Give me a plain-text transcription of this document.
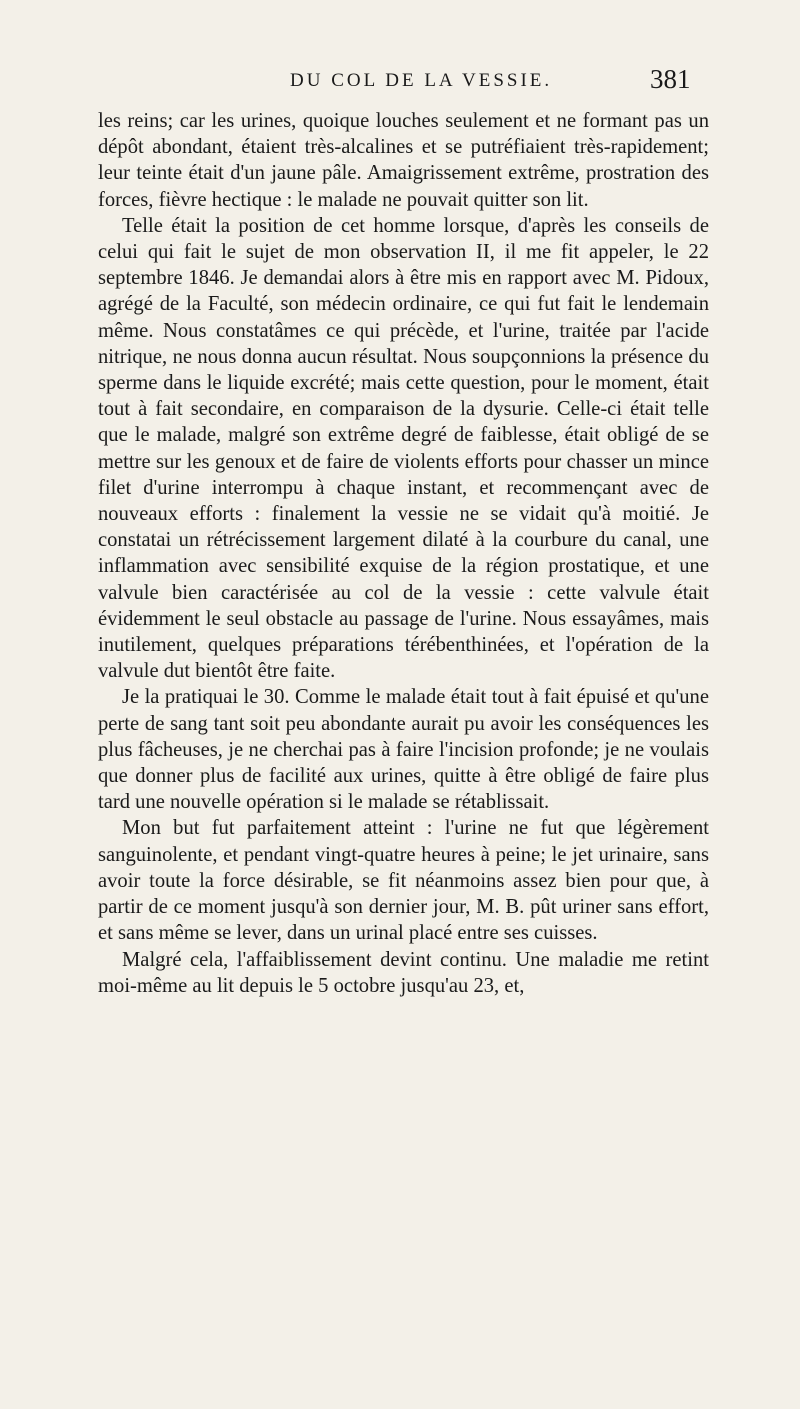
DU COL DE LA VESSIE.	381

les reins; car les urines, quoique louches seulement et ne formant pas un dépôt abondant, étaient très-alcalines et se putréfiaient très-rapidement; leur teinte était d'un jaune pâle. Amaigrissement extrême, prostration des forces, fièvre hectique : le malade ne pouvait quitter son lit.

Telle était la position de cet homme lorsque, d'après les conseils de celui qui fait le sujet de mon observation II, il me fit appeler, le 22 septembre 1846. Je demandai alors à être mis en rapport avec M. Pidoux, agrégé de la Faculté, son médecin ordinaire, ce qui fut fait le lendemain même. Nous constatâmes ce qui précède, et l'urine, traitée par l'acide nitrique, ne nous donna aucun résultat. Nous soupçonnions la présence du sperme dans le liquide excrété; mais cette question, pour le moment, était tout à fait secondaire, en comparaison de la dysurie. Celle-ci était telle que le malade, malgré son extrême degré de faiblesse, était obligé de se mettre sur les genoux et de faire de violents efforts pour chasser un mince filet d'urine interrompu à chaque instant, et recommençant avec de nouveaux efforts : finalement la vessie ne se vidait qu'à moitié. Je constatai un rétrécissement largement dilaté à la courbure du canal, une inflammation avec sensibilité exquise de la région prostatique, et une valvule bien caractérisée au col de la vessie : cette valvule était évidemment le seul obstacle au passage de l'urine. Nous essayâmes, mais inutilement, quelques préparations térébenthinées, et l'opération de la valvule dut bientôt être faite.

Je la pratiquai le 30. Comme le malade était tout à fait épuisé et qu'une perte de sang tant soit peu abondante aurait pu avoir les conséquences les plus fâcheuses, je ne cherchai pas à faire l'incision profonde; je ne voulais que donner plus de facilité aux urines, quitte à être obligé de faire plus tard une nouvelle opération si le malade se rétablissait.

Mon but fut parfaitement atteint : l'urine ne fut que légèrement sanguinolente, et pendant vingt-quatre heures à peine; le jet urinaire, sans avoir toute la force désirable, se fit néanmoins assez bien pour que, à partir de ce moment jusqu'à son dernier jour, M. B. pût uriner sans effort, et sans même se lever, dans un urinal placé entre ses cuisses.

Malgré cela, l'affaiblissement devint continu. Une maladie me retint moi-même au lit depuis le 5 octobre jusqu'au 23, et,
